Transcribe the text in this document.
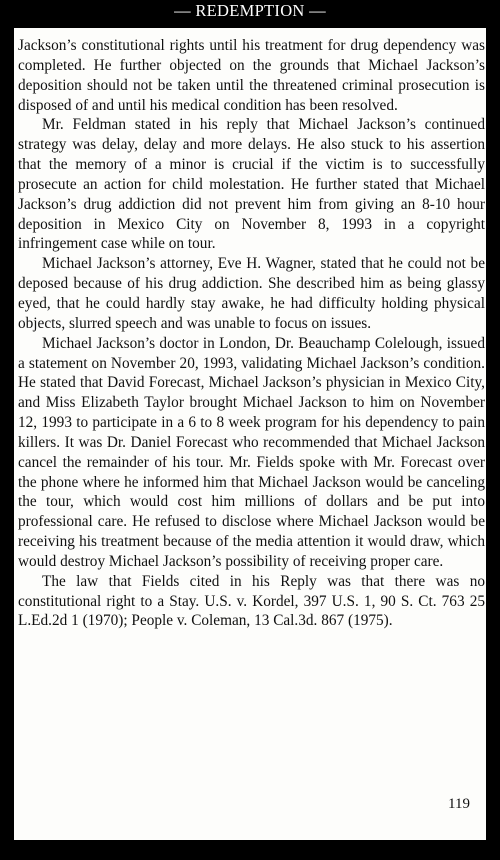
— REDEMPTION —

Jackson’s constitutional rights until his treatment for drug dependency was completed. He further objected on the grounds that Michael Jackson’s deposition should not be taken until the threatened criminal prosecution is disposed of and until his medical condition has been resolved.

Mr. Feldman stated in his reply that Michael Jackson’s continued strategy was delay, delay and more delays. He also stuck to his assertion that the memory of a minor is crucial if the victim is to successfully prosecute an action for child molestation. He further stated that Michael Jackson’s drug addiction did not prevent him from giving an 8-10 hour deposition in Mexico City on November 8, 1993 in a copyright infringement case while on tour.

Michael Jackson’s attorney, Eve H. Wagner, stated that he could not be deposed because of his drug addiction. She described him as being glassy eyed, that he could hardly stay awake, he had difficulty holding physical objects, slurred speech and was unable to focus on issues.

Michael Jackson’s doctor in London, Dr. Beauchamp Colelough, issued a statement on November 20, 1993, validating Michael Jackson’s condition. He stated that David Forecast, Michael Jackson’s physician in Mexico City, and Miss Elizabeth Taylor brought Michael Jackson to him on November 12, 1993 to participate in a 6 to 8 week program for his dependency to pain killers. It was Dr. Daniel Forecast who recommended that Michael Jackson cancel the remainder of his tour. Mr. Fields spoke with Mr. Forecast over the phone where he informed him that Michael Jackson would be canceling the tour, which would cost him millions of dollars and be put into professional care. He refused to disclose where Michael Jackson would be receiving his treatment because of the media attention it would draw, which would destroy Michael Jackson’s possibility of receiving proper care.

The law that Fields cited in his Reply was that there was no constitutional right to a Stay. U.S. v. Kordel, 397 U.S. 1, 90 S. Ct. 763 25 L.Ed.2d 1 (1970); People v. Coleman, 13 Cal.3d. 867 (1975).

119
